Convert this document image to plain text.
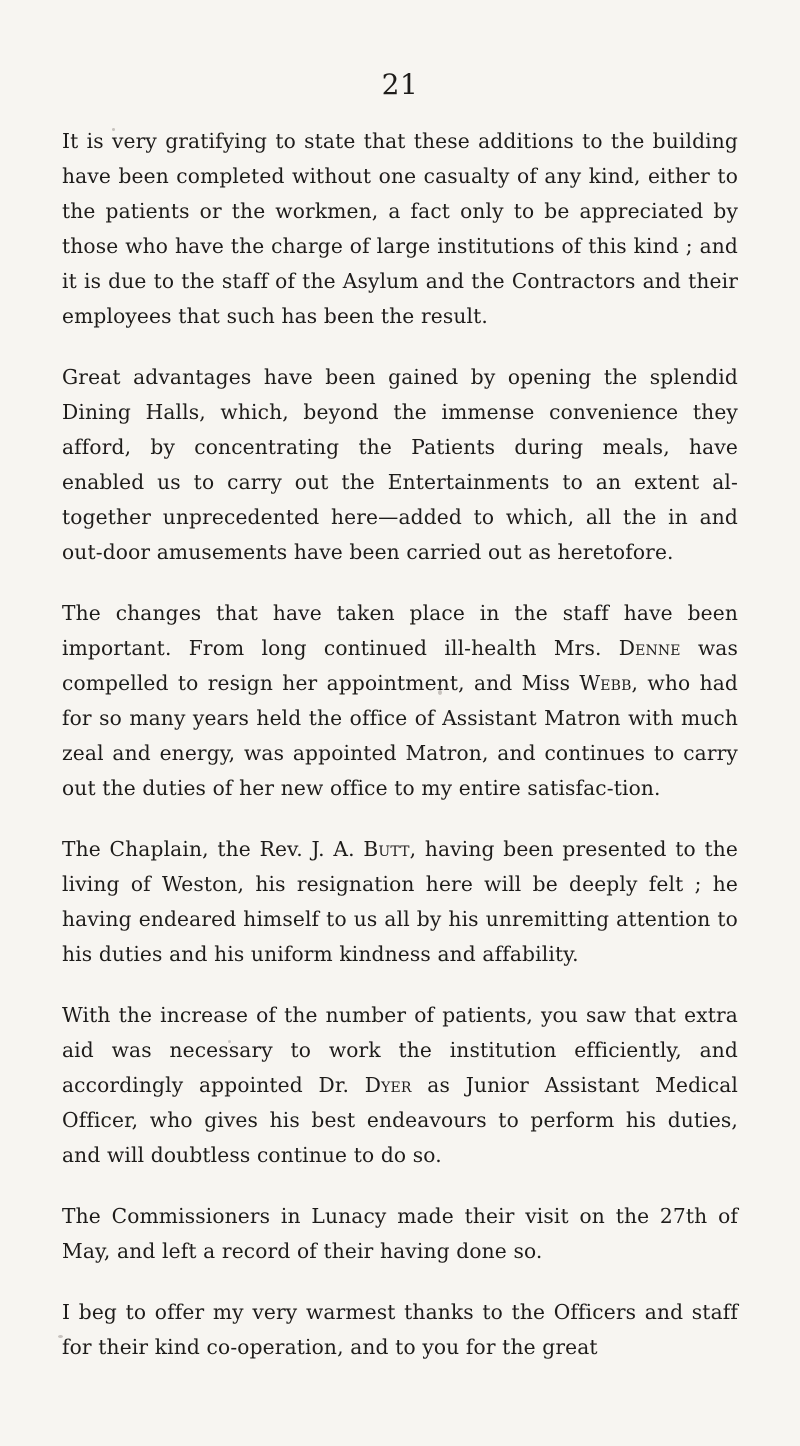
21

It is very gratifying to state that these additions to the building have been completed without one casualty of any kind, either to the patients or the workmen, a fact only to be appreciated by those who have the charge of large institutions of this kind ; and it is due to the staff of the Asylum and the Contractors and their employees that such has been the result.

Great advantages have been gained by opening the splendid Dining Halls, which, beyond the immense convenience they afford, by concentrating the Patients during meals, have enabled us to carry out the Entertainments to an extent al-together unprecedented here—added to which, all the in and out-door amusements have been carried out as heretofore.

The changes that have taken place in the staff have been important. From long continued ill-health Mrs. Denne was compelled to resign her appointment, and Miss Webb, who had for so many years held the office of Assistant Matron with much zeal and energy, was appointed Matron, and continues to carry out the duties of her new office to my entire satisfac-tion.

The Chaplain, the Rev. J. A. Butt, having been presented to the living of Weston, his resignation here will be deeply felt ; he having endeared himself to us all by his unremitting attention to his duties and his uniform kindness and affability.

With the increase of the number of patients, you saw that extra aid was necessary to work the institution efficiently, and accordingly appointed Dr. Dyer as Junior Assistant Medical Officer, who gives his best endeavours to perform his duties, and will doubtless continue to do so.

The Commissioners in Lunacy made their visit on the 27th of May, and left a record of their having done so.

I beg to offer my very warmest thanks to the Officers and staff for their kind co-operation, and to you for the great
